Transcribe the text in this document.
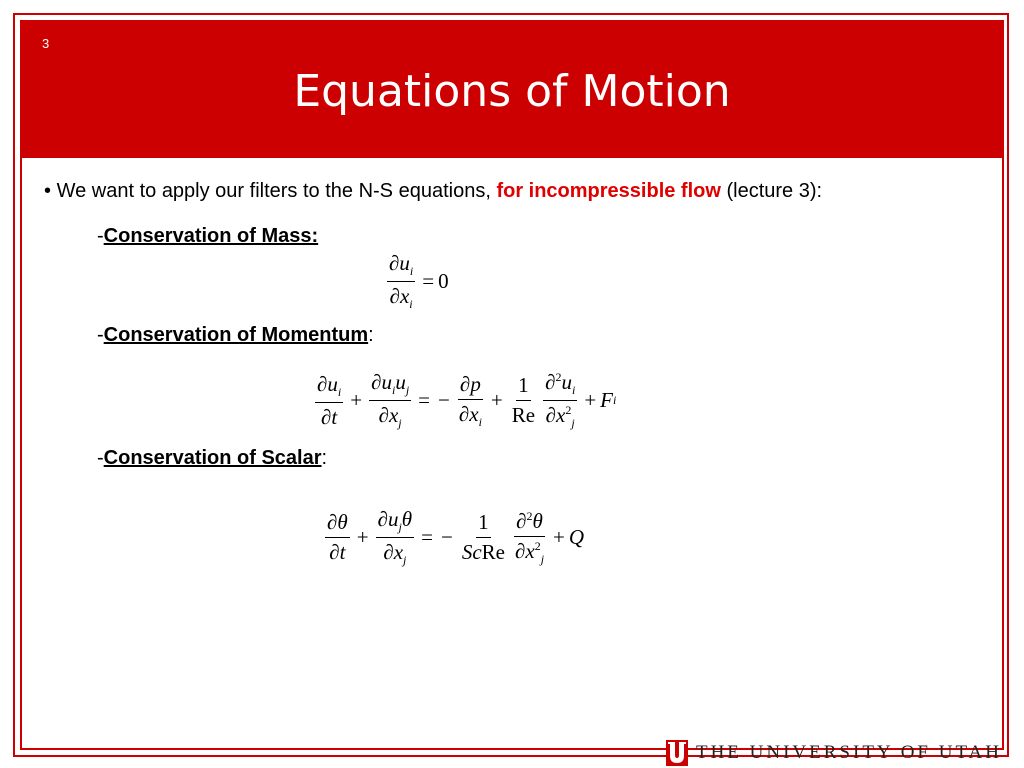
3
Equations of Motion
• We want to apply our filters to the N-S equations, for incompressible flow (lecture 3):
-Conservation of Mass:
$\frac{\partial u_i}{\partial x_i} = 0$
-Conservation of Momentum:
$\frac{\partial u_i}{\partial t} + \frac{\partial u_iu_j}{\partial x_j}$ = − $\frac{\partial p}{\partial x_i} + \frac{1}{Re} \frac{\partial^2u_i}{\partial x^2_j} + F$ i
-Conservation of Scalar:
$\frac{\partial\theta}{\partial t} + \frac{\partial u_j\theta}{\partial x_j}$ = − $\frac{1}{\text{ScRe}} \frac{\partial^2\theta}{\partial x^2_j} + Q$
THE UNIVERSITY OF UTAH
